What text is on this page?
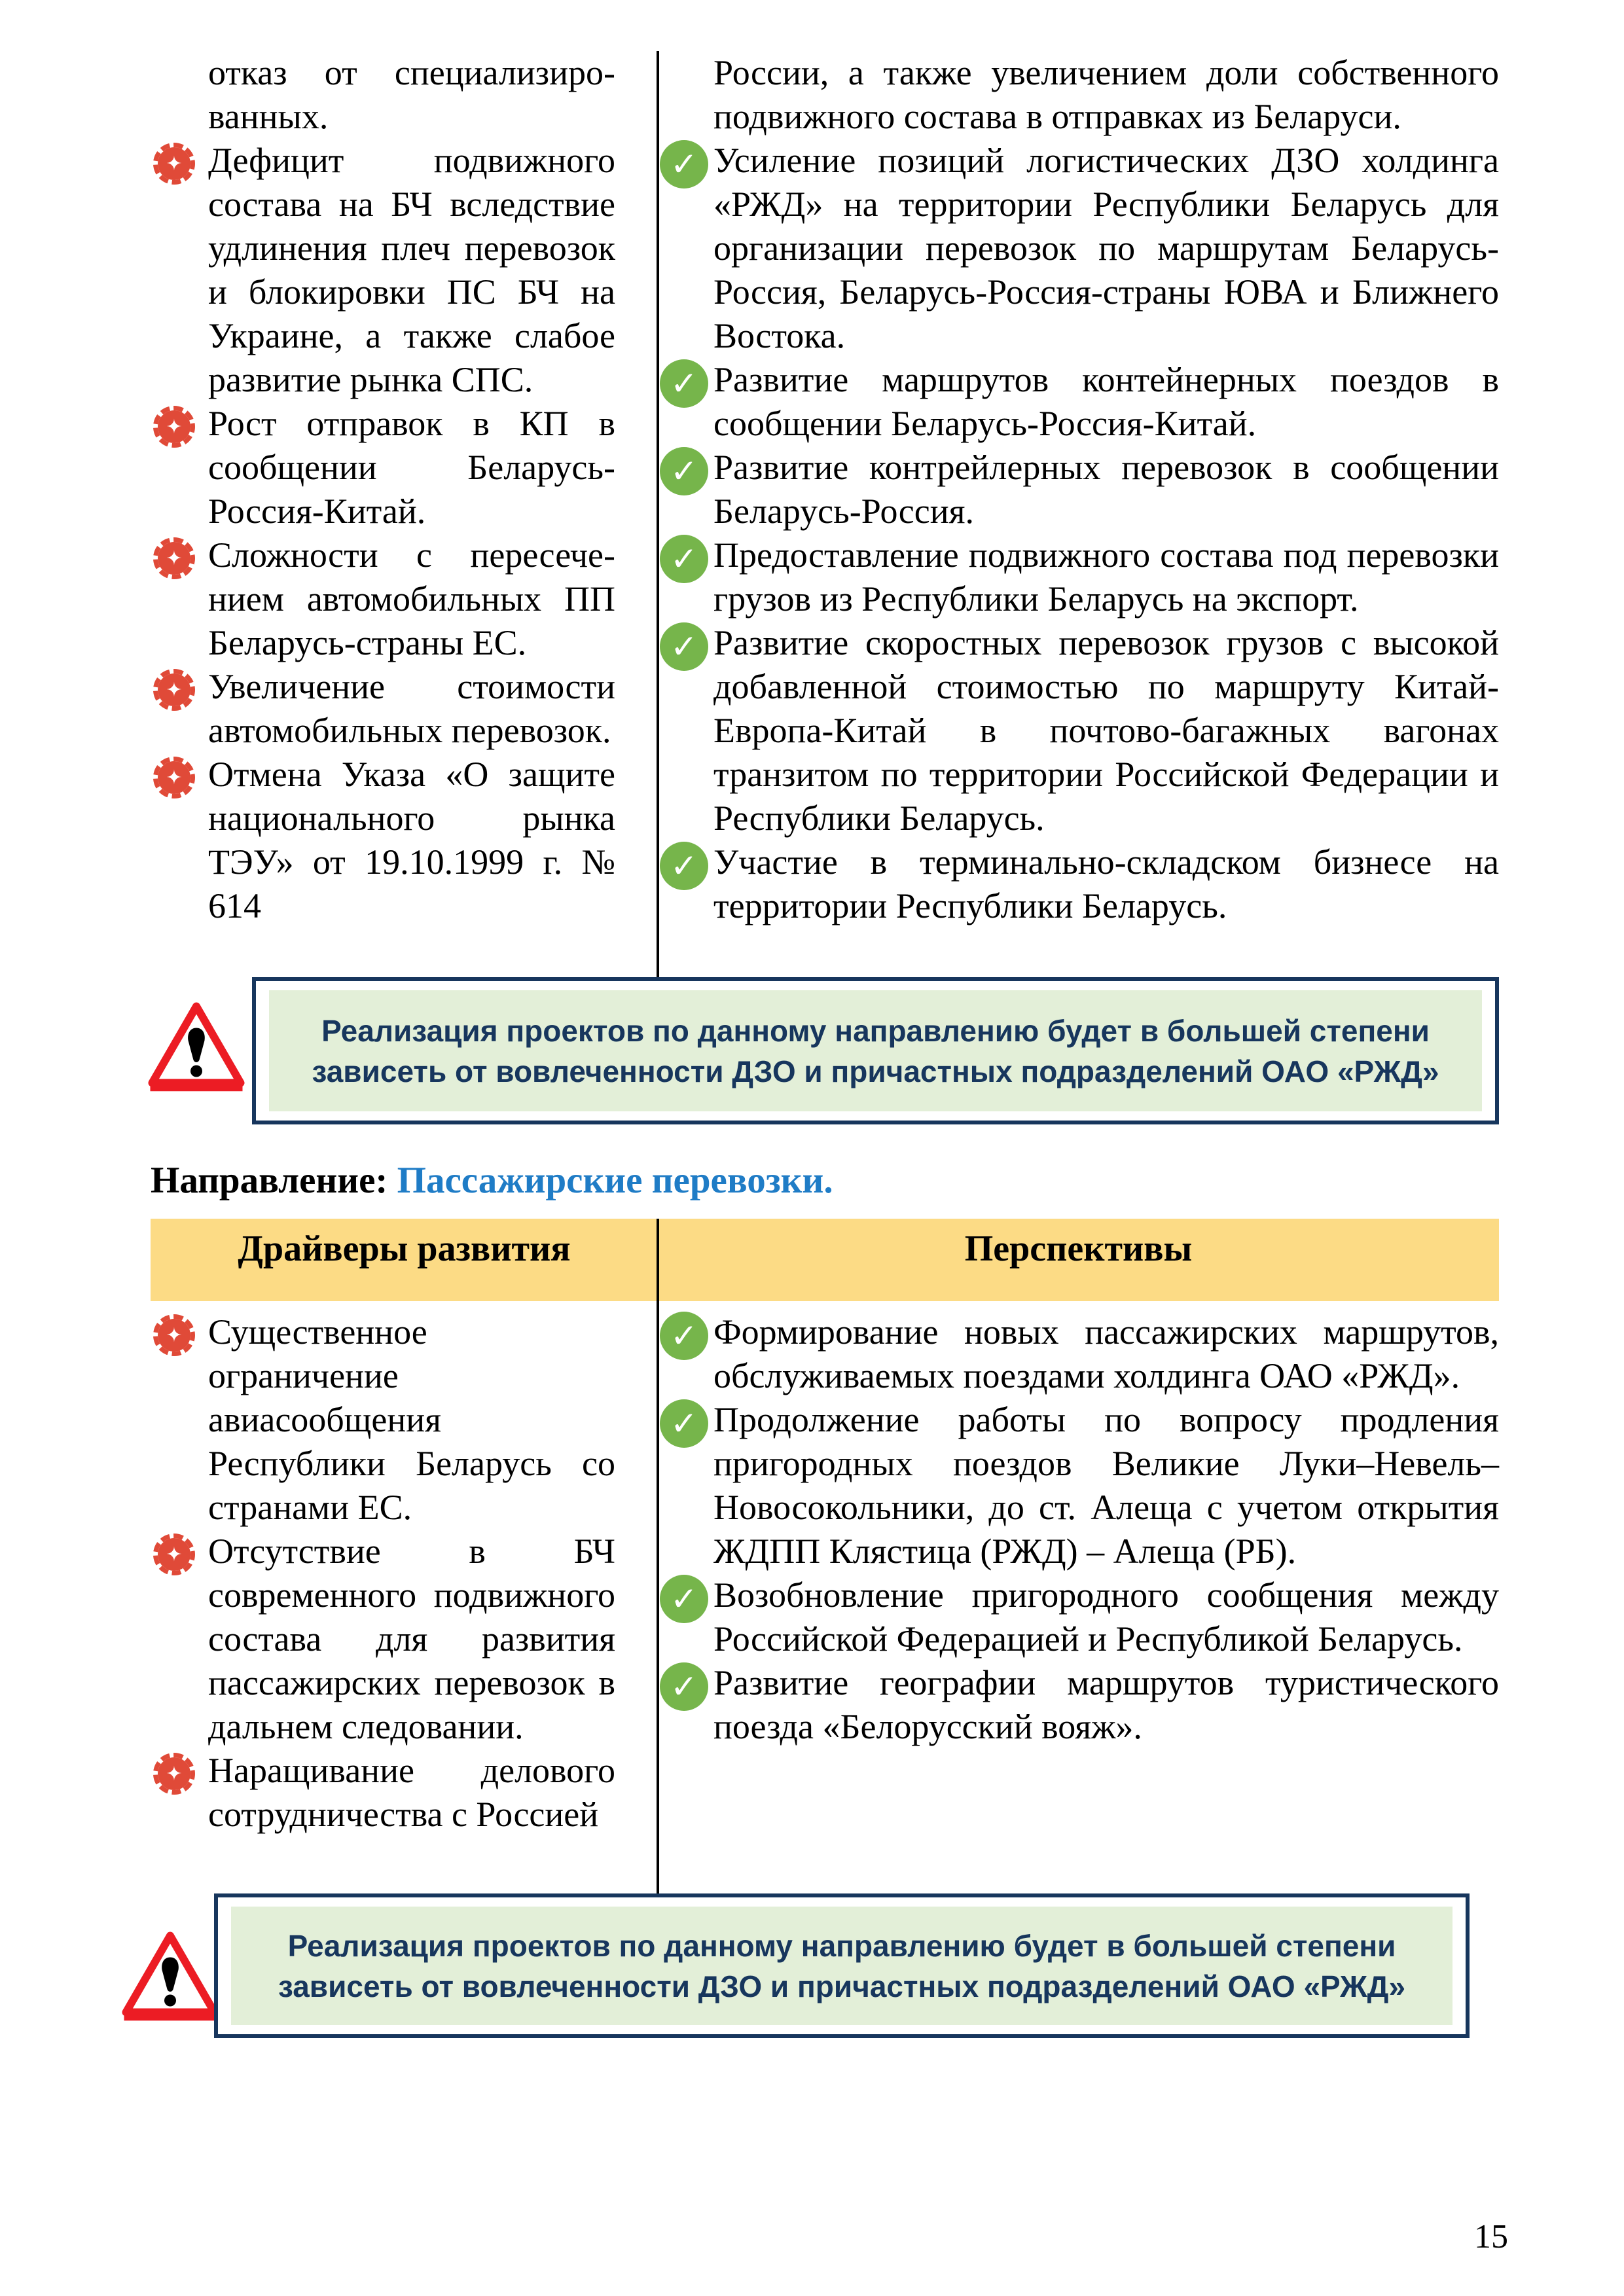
отказ от специализиро-ванных.
✦ Дефицит подвижного состава на БЧ вследствие удлинения плеч перевозок и блокировки ПС БЧ на Украине, а также слабое развитие рынка СПС.
✦ Рост отправок в КП в сообщении Беларусь-Россия-Китай.
✦ Сложности с пересече-нием автомобильных ПП Беларусь-страны ЕС.
✦ Увеличение стоимости автомобильных перевозок.
✦ Отмена Указа «О защите национального рынка ТЭУ» от 19.10.1999 г. № 614
России, а также увеличением доли собственного подвижного состава в отправках из Беларуси.
✓ Усиление позиций логистических ДЗО холдинга «РЖД» на территории Республики Беларусь для организации перевозок по маршрутам Беларусь- Россия, Беларусь-Россия-страны ЮВА и Ближнего Востока.
✓ Развитие маршрутов контейнерных поездов в сообщении Беларусь-Россия-Китай.
✓ Развитие контрейлерных перевозок в сообщении Беларусь-Россия.
✓ Предоставление подвижного состава под перевозки грузов из Республики Беларусь на экспорт.
✓ Развитие скоростных перевозок грузов с высокой добавленной стоимостью по маршруту Китай-Европа-Китай в почтово-багажных вагонах транзитом по территории Российской Федерации и Республики Беларусь.
✓ Участие в терминально-складском бизнесе на территории Республики Беларусь.
Реализация проектов по данному направлению будет в большей степени зависеть от вовлеченности ДЗО и причастных подразделений ОАО «РЖД»
Направление: Пассажирские перевозки.
Драйверы развития	Перспективы
✦ Существенное ограничение авиасообщения Республики Беларусь со странами ЕС.
✦ Отсутствие в БЧ современного подвижного состава для развития пассажирских перевозок в дальнем следовании.
✦ Наращивание делового сотрудничества с Россией
✓ Формирование новых пассажирских маршрутов, обслуживаемых поездами холдинга ОАО «РЖД».
✓ Продолжение работы по вопросу продления пригородных поездов Великие Луки–Невель–Новосокольники, до ст. Алеща с учетом открытия ЖДПП Клястица (РЖД) – Алеща (РБ).
✓ Возобновление пригородного сообщения между Российской Федерацией и Республикой Беларусь.
✓ Развитие географии маршрутов туристического поезда «Белорусский вояж».
Реализация проектов по данному направлению будет в большей степени зависеть от вовлеченности ДЗО и причастных подразделений ОАО «РЖД»
15
